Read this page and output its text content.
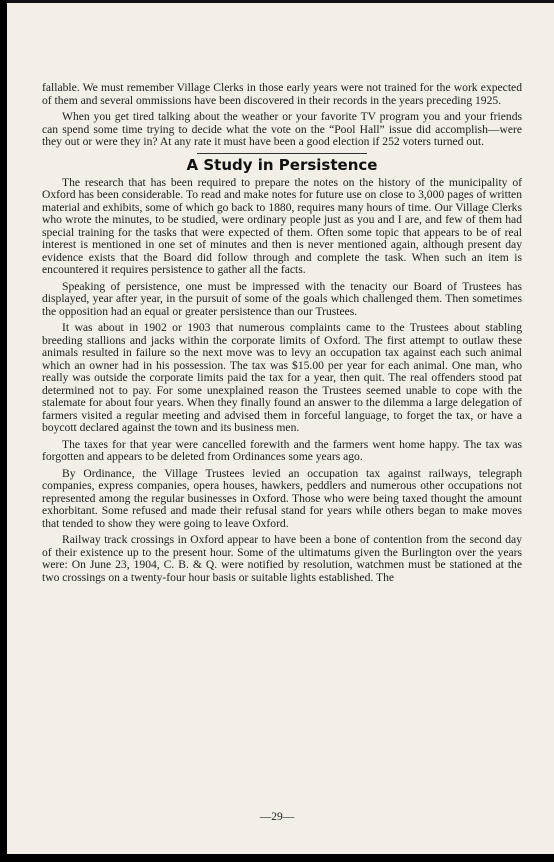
fallable. We must remember Village Clerks in those early years were not trained for the work expected of them and several ommissions have been discovered in their records in the years preceding 1925.

When you get tired talking about the weather or your favorite TV program you and your friends can spend some time trying to decide what the vote on the “Pool Hall” issue did accomplish—were they out or were they in? At any rate it must have been a good election if 252 voters turned out.

A Study in Persistence

The research that has been required to prepare the notes on the history of the municipality of Oxford has been considerable. To read and make notes for future use on close to 3,000 pages of written material and exhibits, some of which go back to 1880, requires many hours of time. Our Village Clerks who wrote the minutes, to be studied, were ordinary people just as you and I are, and few of them had special training for the tasks that were expected of them. Often some topic that appears to be of real interest is mentioned in one set of minutes and then is never mentioned again, although present day evidence exists that the Board did follow through and complete the task. When such an item is encountered it requires persistence to gather all the facts.

Speaking of persistence, one must be impressed with the tenacity our Board of Trustees has displayed, year after year, in the pursuit of some of the goals which challenged them. Then sometimes the opposition had an equal or greater persistence than our Trustees.

It was about in 1902 or 1903 that numerous complaints came to the Trustees about stabling breeding stallions and jacks within the corporate limits of Oxford. The first attempt to outlaw these animals resulted in failure so the next move was to levy an occupation tax against each such animal which an owner had in his possession. The tax was $15.00 per year for each animal. One man, who really was outside the corporate limits paid the tax for a year, then quit. The real offenders stood pat determined not to pay. For some unexplained reason the Trustees seemed unable to cope with the stalemate for about four years. When they finally found an answer to the dilemma a large delegation of farmers visited a regular meeting and advised them in forceful language, to forget the tax, or have a boycott declared against the town and its business men.

The taxes for that year were cancelled forewith and the farmers went home happy. The tax was forgotten and appears to be deleted from Ordinances some years ago.

By Ordinance, the Village Trustees levied an occupation tax against railways, telegraph companies, express companies, opera houses, hawkers, peddlers and numerous other occupations not represented among the regular businesses in Oxford. Those who were being taxed thought the amount exhorbitant. Some refused and made their refusal stand for years while others began to make moves that tended to show they were going to leave Oxford.

Railway track crossings in Oxford appear to have been a bone of contention from the second day of their existence up to the present hour. Some of the ultimatums given the Burlington over the years were: On June 23, 1904, C. B. & Q. were notified by resolution, watchmen must be stationed at the two crossings on a twenty-four hour basis or suitable lights established. The

—29—
